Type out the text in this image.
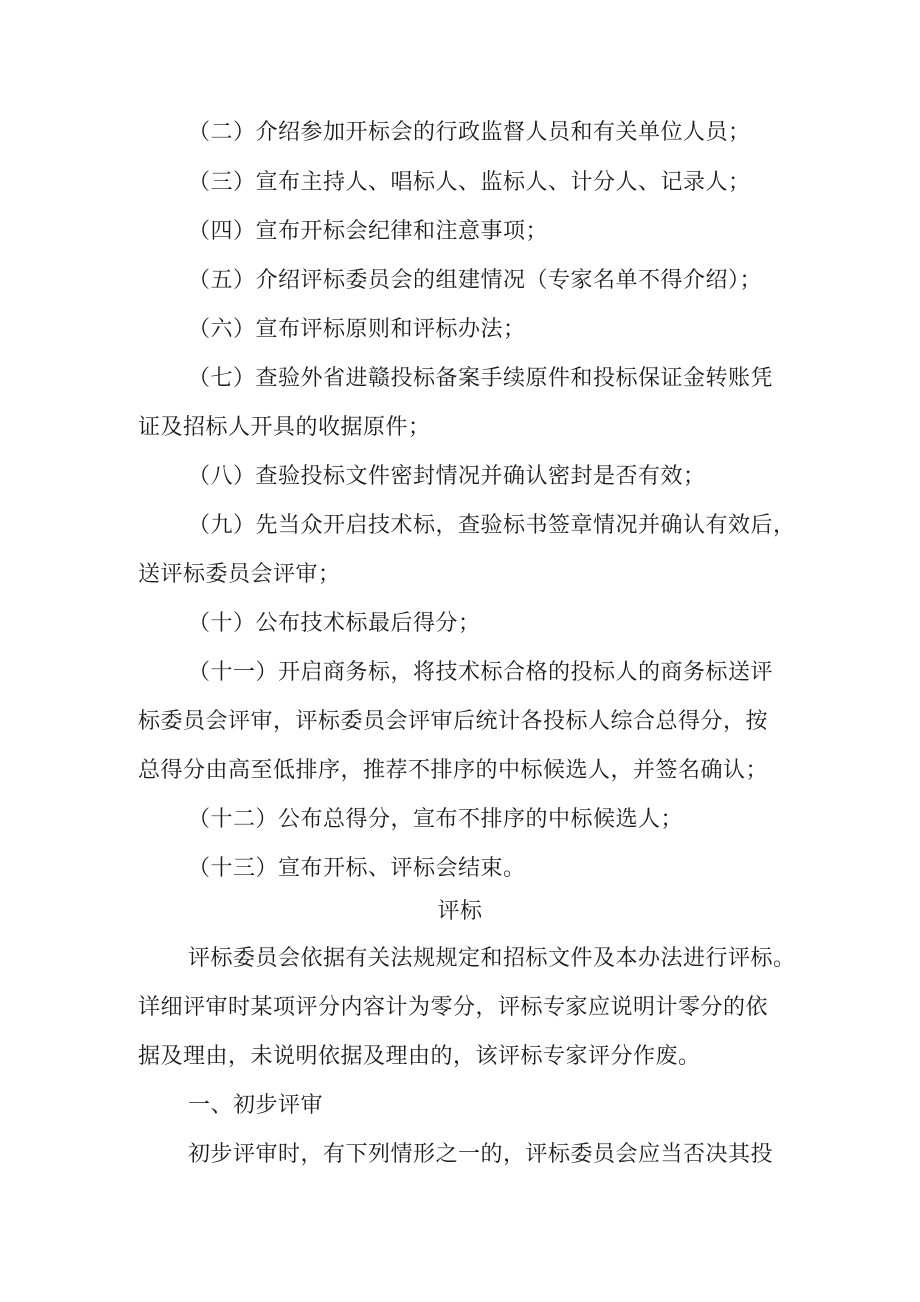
（二）介绍参加开标会的行政监督人员和有关单位人员；
（三）宣布主持人、唱标人、监标人、计分人、记录人；
（四）宣布开标会纪律和注意事项；
（五）介绍评标委员会的组建情况（专家名单不得介绍）；
（六）宣布评标原则和评标办法；
（七）查验外省进赣投标备案手续原件和投标保证金转账凭
证及招标人开具的收据原件；
（八）查验投标文件密封情况并确认密封是否有效；
（九）先当众开启技术标，查验标书签章情况并确认有效后，
送评标委员会评审；
（十）公布技术标最后得分；
（十一）开启商务标，将技术标合格的投标人的商务标送评
标委员会评审，评标委员会评审后统计各投标人综合总得分，按
总得分由高至低排序，推荐不排序的中标候选人，并签名确认；
（十二）公布总得分，宣布不排序的中标候选人；
（十三）宣布开标、评标会结束。
评标
评标委员会依据有关法规规定和招标文件及本办法进行评标。
详细评审时某项评分内容计为零分，评标专家应说明计零分的依
据及理由，未说明依据及理由的，该评标专家评分作废。
一、初步评审
初步评审时，有下列情形之一的，评标委员会应当否决其投
